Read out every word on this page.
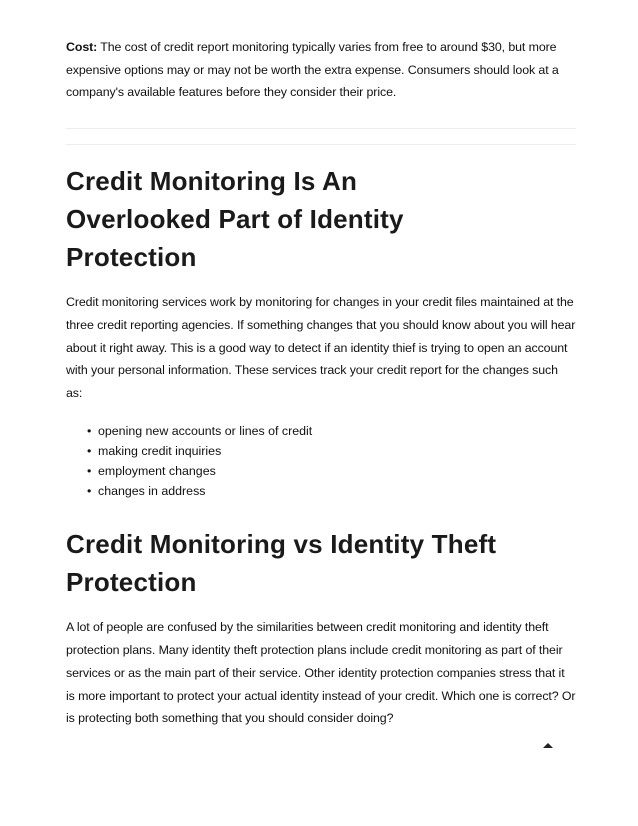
Cost: The cost of credit report monitoring typically varies from free to around $30, but more expensive options may or may not be worth the extra expense. Consumers should look at a company's available features before they consider their price.

Credit Monitoring Is An Overlooked Part of Identity Protection

Credit monitoring services work by monitoring for changes in your credit files maintained at the three credit reporting agencies. If something changes that you should know about you will hear about it right away. This is a good way to detect if an identity thief is trying to open an account with your personal information. These services track your credit report for the changes such as:

• opening new accounts or lines of credit
• making credit inquiries
• employment changes
• changes in address
Credit Monitoring vs Identity Theft Protection

A lot of people are confused by the similarities between credit monitoring and identity theft protection plans. Many identity theft protection plans include credit monitoring as part of their services or as the main part of their service. Other identity protection companies stress that it is more important to protect your actual identity instead of your credit. Which one is correct? Or is protecting both something that you should consider doing?
